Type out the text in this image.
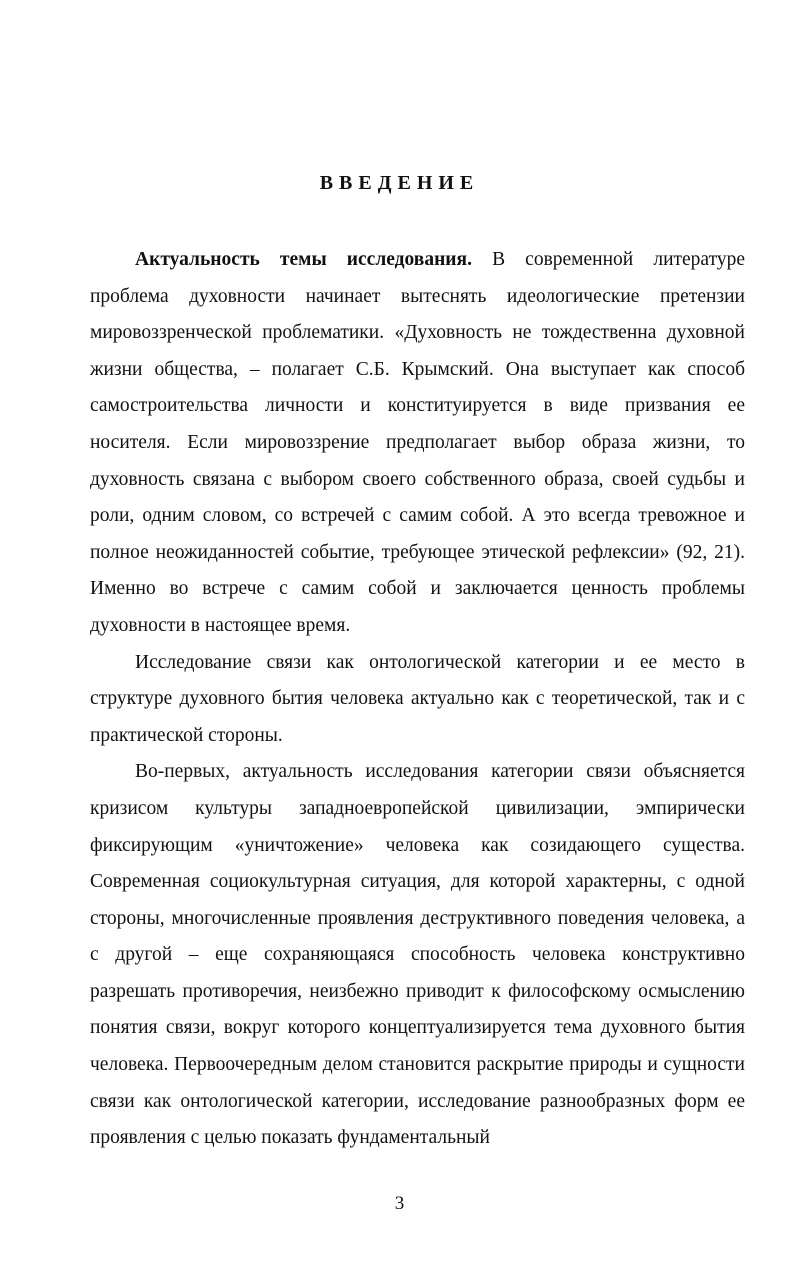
ВВЕДЕНИЕ

Актуальность темы исследования. В современной литературе проблема духовности начинает вытеснять идеологические претензии мировоззренческой проблематики. «Духовность не тождественна духовной жизни общества, – полагает С.Б. Крымский. Она выступает как способ самостроительства личности и конституируется в виде призвания ее носителя. Если мировоззрение предполагает выбор образа жизни, то духовность связана с выбором своего собственного образа, своей судьбы и роли, одним словом, со встречей с самим собой. А это всегда тревожное и полное неожиданностей событие, требующее этической рефлексии» (92, 21). Именно во встрече с самим собой и заключается ценность проблемы духовности в настоящее время.

Исследование связи как онтологической категории и ее место в структуре духовного бытия человека актуально как с теоретической, так и с практической стороны.

Во-первых, актуальность исследования категории связи объясняется кризисом культуры западноевропейской цивилизации, эмпирически фиксирующим «уничтожение» человека как созидающего существа. Современная социокультурная ситуация, для которой характерны, с одной стороны, многочисленные проявления деструктивного поведения человека, а с другой – еще сохраняющаяся способность человека конструктивно разрешать противоречия, неизбежно приводит к философскому осмыслению понятия связи, вокруг которого концептуализируется тема духовного бытия человека. Первоочередным делом становится раскрытие природы и сущности связи как онтологической категории, исследование разнообразных форм ее проявления с целью показать фундаментальный

3
